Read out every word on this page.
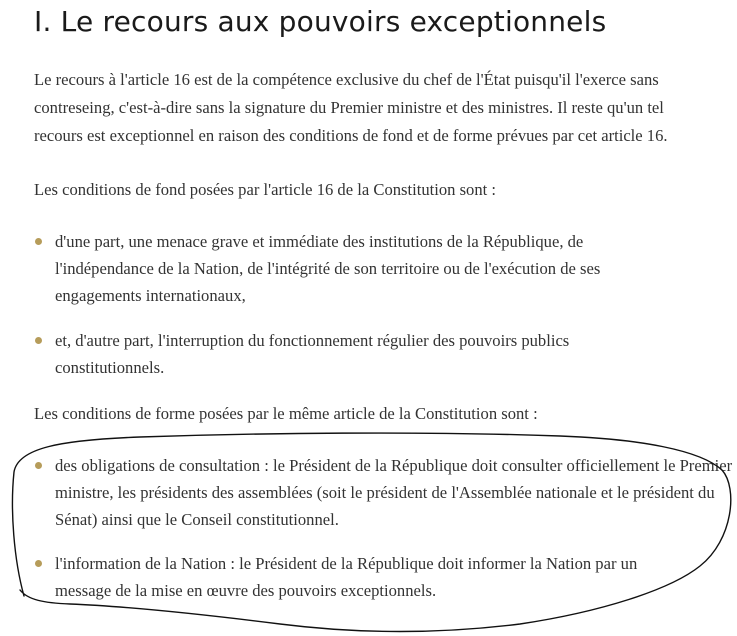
I. Le recours aux pouvoirs exceptionnels

Le recours à l'article 16 est de la compétence exclusive du chef de l'État puisqu'il l'exerce sans contreseing, c'est-à-dire sans la signature du Premier ministre et des ministres. Il reste qu'un tel recours est exceptionnel en raison des conditions de fond et de forme prévues par cet article 16.

Les conditions de fond posées par l'article 16 de la Constitution sont :

d'une part, une menace grave et immédiate des institutions de la République, de l'indépendance de la Nation, de l'intégrité de son territoire ou de l'exécution de ses engagements internationaux,
et, d'autre part, l'interruption du fonctionnement régulier des pouvoirs publics constitutionnels.

Les conditions de forme posées par le même article de la Constitution sont :

des obligations de consultation : le Président de la République doit consulter officiellement le Premier ministre, les présidents des assemblées (soit le président de l'Assemblée nationale et le président du Sénat) ainsi que le Conseil constitutionnel.
l'information de la Nation : le Président de la République doit informer la Nation par un message de la mise en œuvre des pouvoirs exceptionnels.
